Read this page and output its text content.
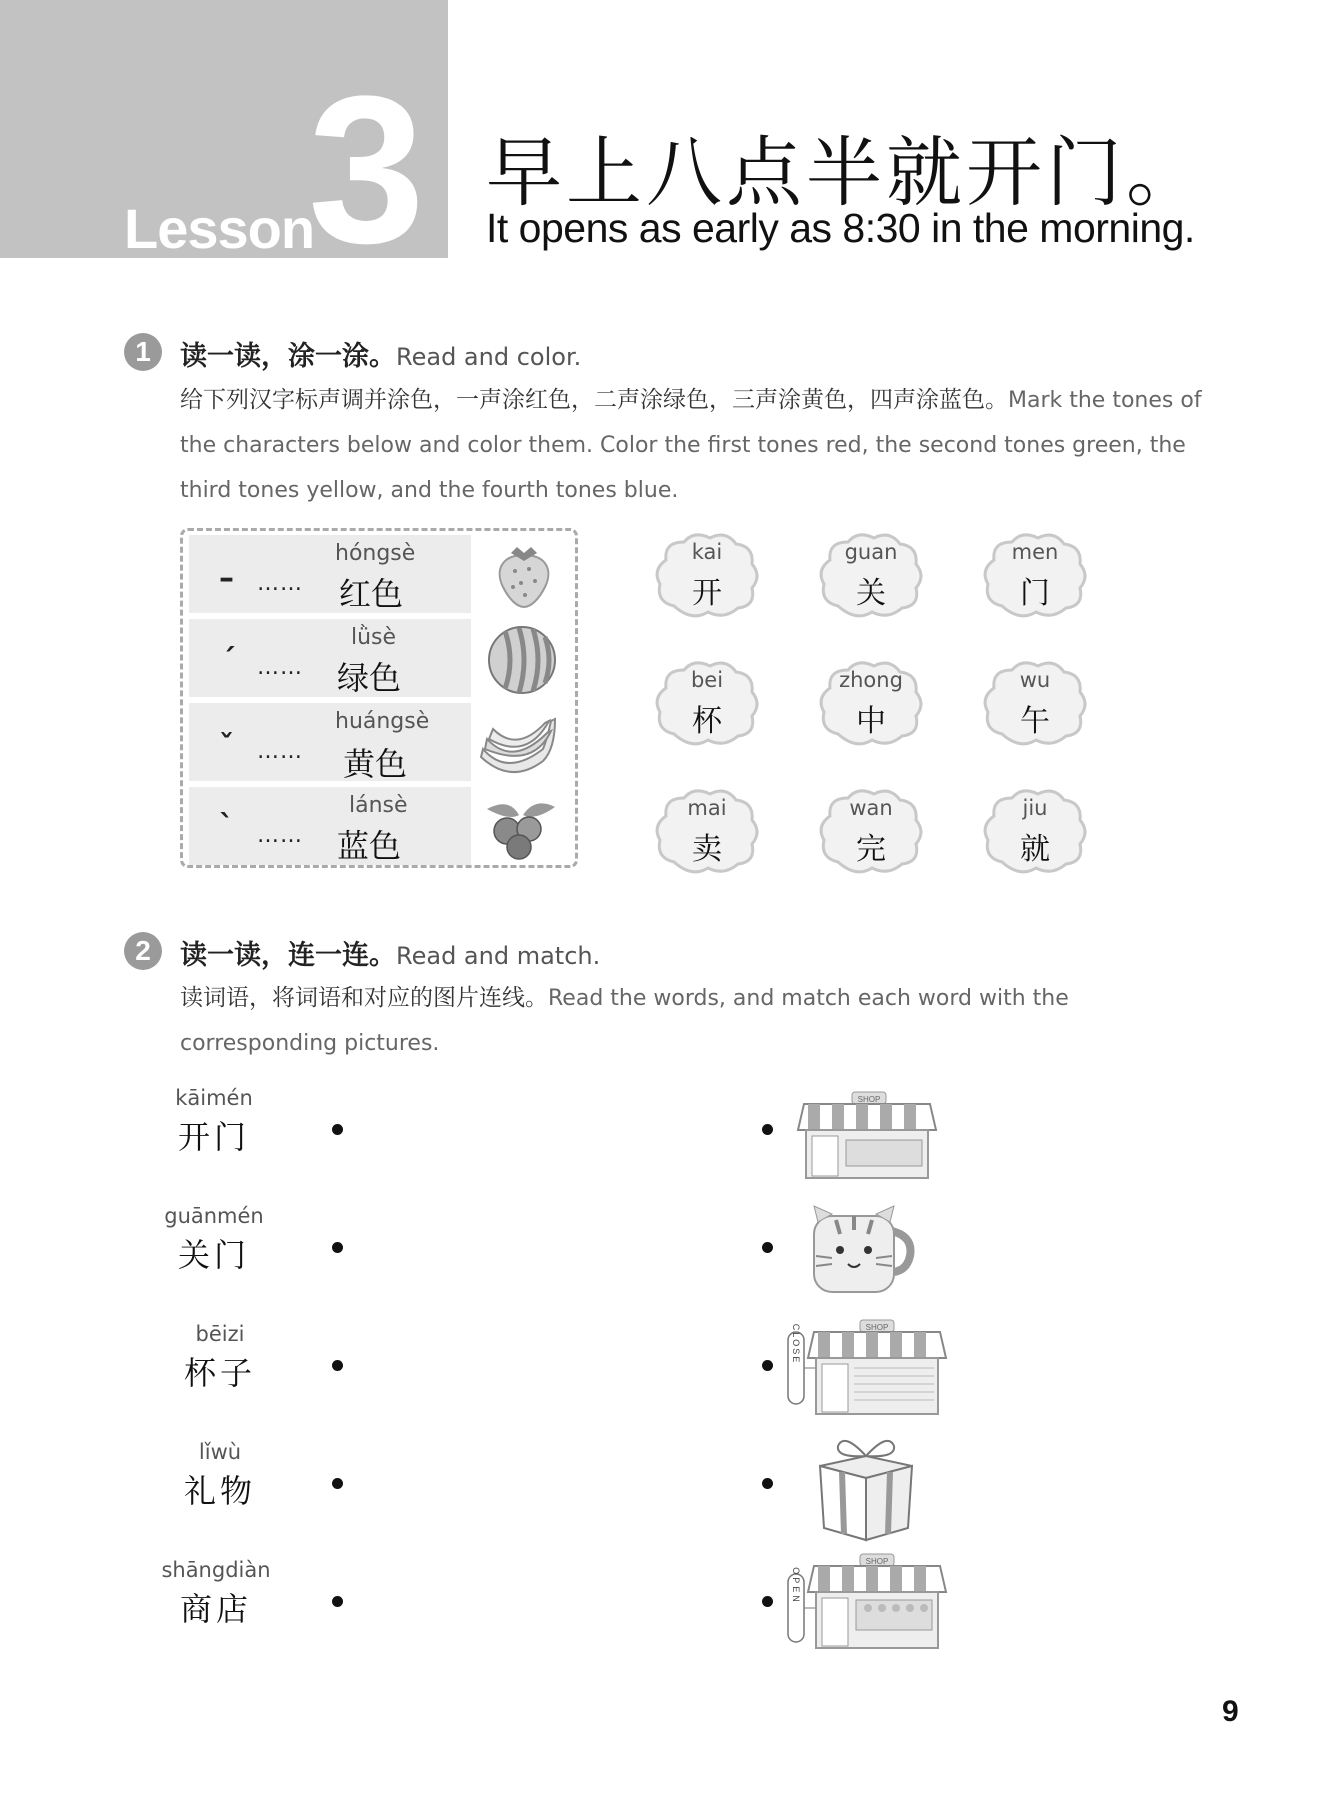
Lesson
3 早上八点半就开门。
It opens as early as 8:30 in the morning.
1	读一读，涂一涂。Read and color.
给下列汉字标声调并涂色，一声涂红色，二声涂绿色，三声涂黄色，四声涂蓝色。Mark the tones of the characters below and color them. Color the first tones red, the second tones green, the third tones yellow, and the fourth tones blue.
– ……
hóngsè
红色
ˊ ……
lǜsè
绿色
ˇ ……
huángsè
黄色
ˋ ……
lánsè
蓝色
kai
开
guan
关
men
门
bei
杯
zhong
中
wu
午
mai
卖
wan
完
jiu
就
2	读一读，连一连。Read and match.
读词语，将词语和对应的图片连线。Read the words, and match each word with the corresponding pictures.
kāimén
开门
guānmén
关门
bēizi
杯子
lǐwù
礼物
shāngdiàn
商店
SHOP
CLOSE	SHOP
OPEN
SHOP
9
